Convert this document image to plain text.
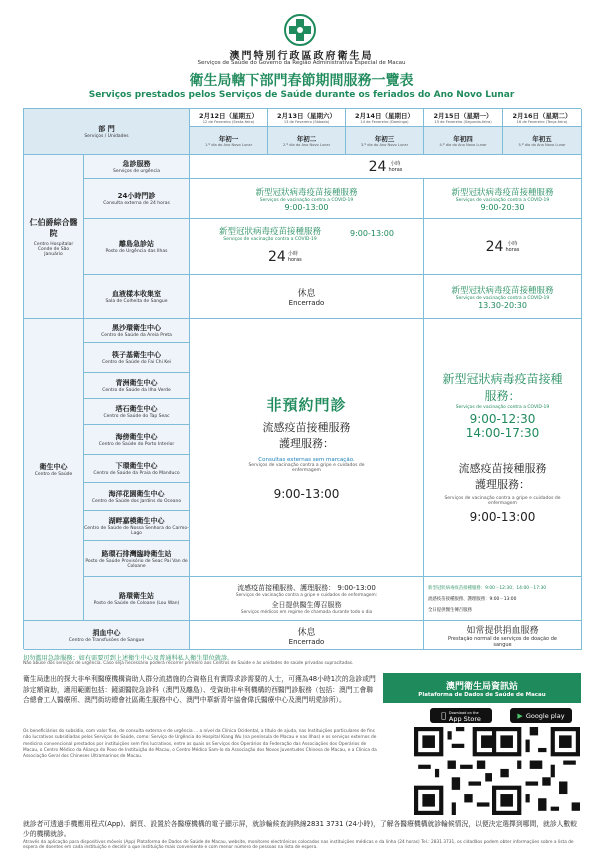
澳門特別行政區政府衛生局
Serviços de Saúde do Governo da Região Administrativa Especial de Macau
衛生局轄下部門春節期間服務一覽表
Serviços prestados pelos Serviços de Saúde durante os feriados do Ano Novo Lunar
部 門
Serviços / Unidades
2月12日（星期五）
12 de Fevereiro (Sexta-feira)
2月13日（星期六）
13 de Fevereiro (Sábado)
2月14日（星期日）
14 de Fevereiro (Domingo)
2月15日（星期一）
15 de Fevereiro (Segunda-feira)
2月16日（星期二）
16 de Fevereiro (Terça-feira)
年初一
1.º dia do Ano Novo Lunar
年初二
2.º dia do Ano Novo Lunar
年初三
3.º dia do Ano Novo Lunar
年初四
4.º dia do Ano Novo Lunar
年初五
5.º dia do Ano Novo Lunar
仁伯爵綜合醫院
Centro Hospitalar Conde de São Januário
急診服務
Serviços de urgência	24 小時
horas
24小時門診
Consulta externa de 24 horas
新型冠狀病毒疫苗接種服務
Serviços de vacinação contra a COVID-19
9:00-13:00
新型冠狀病毒疫苗接種服務
Serviços de vacinação contra a COVID-19
9:00-20:30
離島急診站
Posto de Urgência das Ilhas
新型冠狀病毒疫苗接種服務
Serviços de vacinação contra a COVID-19
9:00-13:00
24 小時
horas
24 小時
horas
血液樣本收集室
Sala de Colheita de Sangue
休息
Encerrado
新型冠狀病毒疫苗接種服務
Serviços de vacinação contra a COVID-19
13.30-20:30
衛生中心
Centro de Saúde
黑沙環衛生中心
Centro de Saúde da Areia Preta
筷子基衛生中心
Centro de Saúde do Fai Chi Kei
青洲衛生中心
Centro de Saúde da Ilha Verde
塔石衛生中心
Centro de Saúde do Tap Seac
海傍衛生中心
Centro de Saúde do Porto Interior
下環衛生中心
Centro de Saúde da Praia do Manduco
海洋花園衛生中心
Centro de Saúde dos Jardins do Oceano
湖畔嘉模衛生中心
Centro de Saúde de Nossa Senhora do Carmo-Lago
路環石排灣臨時衛生站
Posto de Saúde Provisório de Seac Pai Van de Coloane
路環衛生站
Posto de Saúde de Coloane (Lou Wan)
非預約門診
流感疫苗接種服務
護理服務：
Consultas externas sem marcação.
Serviços de vacinação contra a gripe e cuidados de enfermagem
9:00-13:00
新型冠狀病毒疫苗接種服務：
Serviços de vacinação contra a COVID-19
9:00-12:30
14:00-17:30
流感疫苗接種服務
護理服務：
Serviços de vacinação contra a gripe e cuidados de enfermagem
9:00-13:00
流感疫苗接種服務、護理服務： 9:00-13:00
Serviços de vacinação contra a gripe e cuidados de enfermagem:
全日提供醫生傳召服務
Serviços médicos em regime de chamada durante todo o dia
新型冠狀病毒疫苗接種服務：9:00－12:30；14:00－17:30
流感疫苗接種服務、護理服務：9:00－13:00
全日提供醫生傳召服務
捐血中心
Centro de Transfusões de Sangue
休息
Encerrado
如常提供捐血服務
Prestação normal de serviços de doação de sangue
切勿濫用急診服務；如有需要可到上述衛生中心及普通科私人衛生單位就診。
Não abuse dos serviços de urgência. Caso seja necessário poderá recorrer primeiro aos Centros de Saúde e às unidades de saúde privadas supracitadas.
衛生局進出的探大非牟利醫療機構資助人群分流措施的合資格且有實際求診需要的人士，可獲為48小時1次的急診或門診定額資助，適用範圍包括：鏡湖醫院急診科（澳門及離島）、受資助非牟利機構的西醫門診服務（包括：澳門工會聯合總會工人醫療所、澳門街坊總會社區衛生服務中心、澳門中華新青年協會偉氏醫療中心及澳門明愛診所）。
Os beneficiários do subsídio, com valor fixo, de consulta externa e de urgência ... a nível da Clínica Ocidental, a título de ajuda, nas Instituições particulares de fins não lucrativos subsidiadas pelos Serviços de Saúde, como: Serviço de Urgência do Hospital Kiang Wu (na península de Macau e nas Ilhas) e os serviços externos de medicina convencional prestados por instituições sem fins lucrativos, entre as quais os Serviços dos Operários da Federação das Associações dos Operários de Macau, o Centro Médico da Aliança do Povo de Instituição de Macau, o Centro Médico Sam-lo da Associação dos Novos Juventudes Chinesa de Macau, e a Clínica da Associação Geral dos Chineses Ultramarinos de Macau.
澳門衛生局資訊站
Plataforma de Dados de Saúde de Macau
Download on the
App Store	▶ Google play
就診者可透過手機應用程式(App)、網頁、設置於各醫療機構的電子顯示屏，就診輪候查詢熱線2831 3731 (24小時)，了解各醫療機構就診輪候情況，以便決定選擇到哪間，就診人數較少的機構就診。
Através da aplicação para dispositivos móveis (App) Plataforma de Dados de Saúde de Macau, website, monitores electrónicos colocados nas instituições médicas e da linha (24 horas) Tel.: 2831 3731, os cidadãos podem obter informações sobre a lista de espera de doentes em cada instituição e decidir a que instituição mais conveniente e com menor número de pessoas na lista de espera.
